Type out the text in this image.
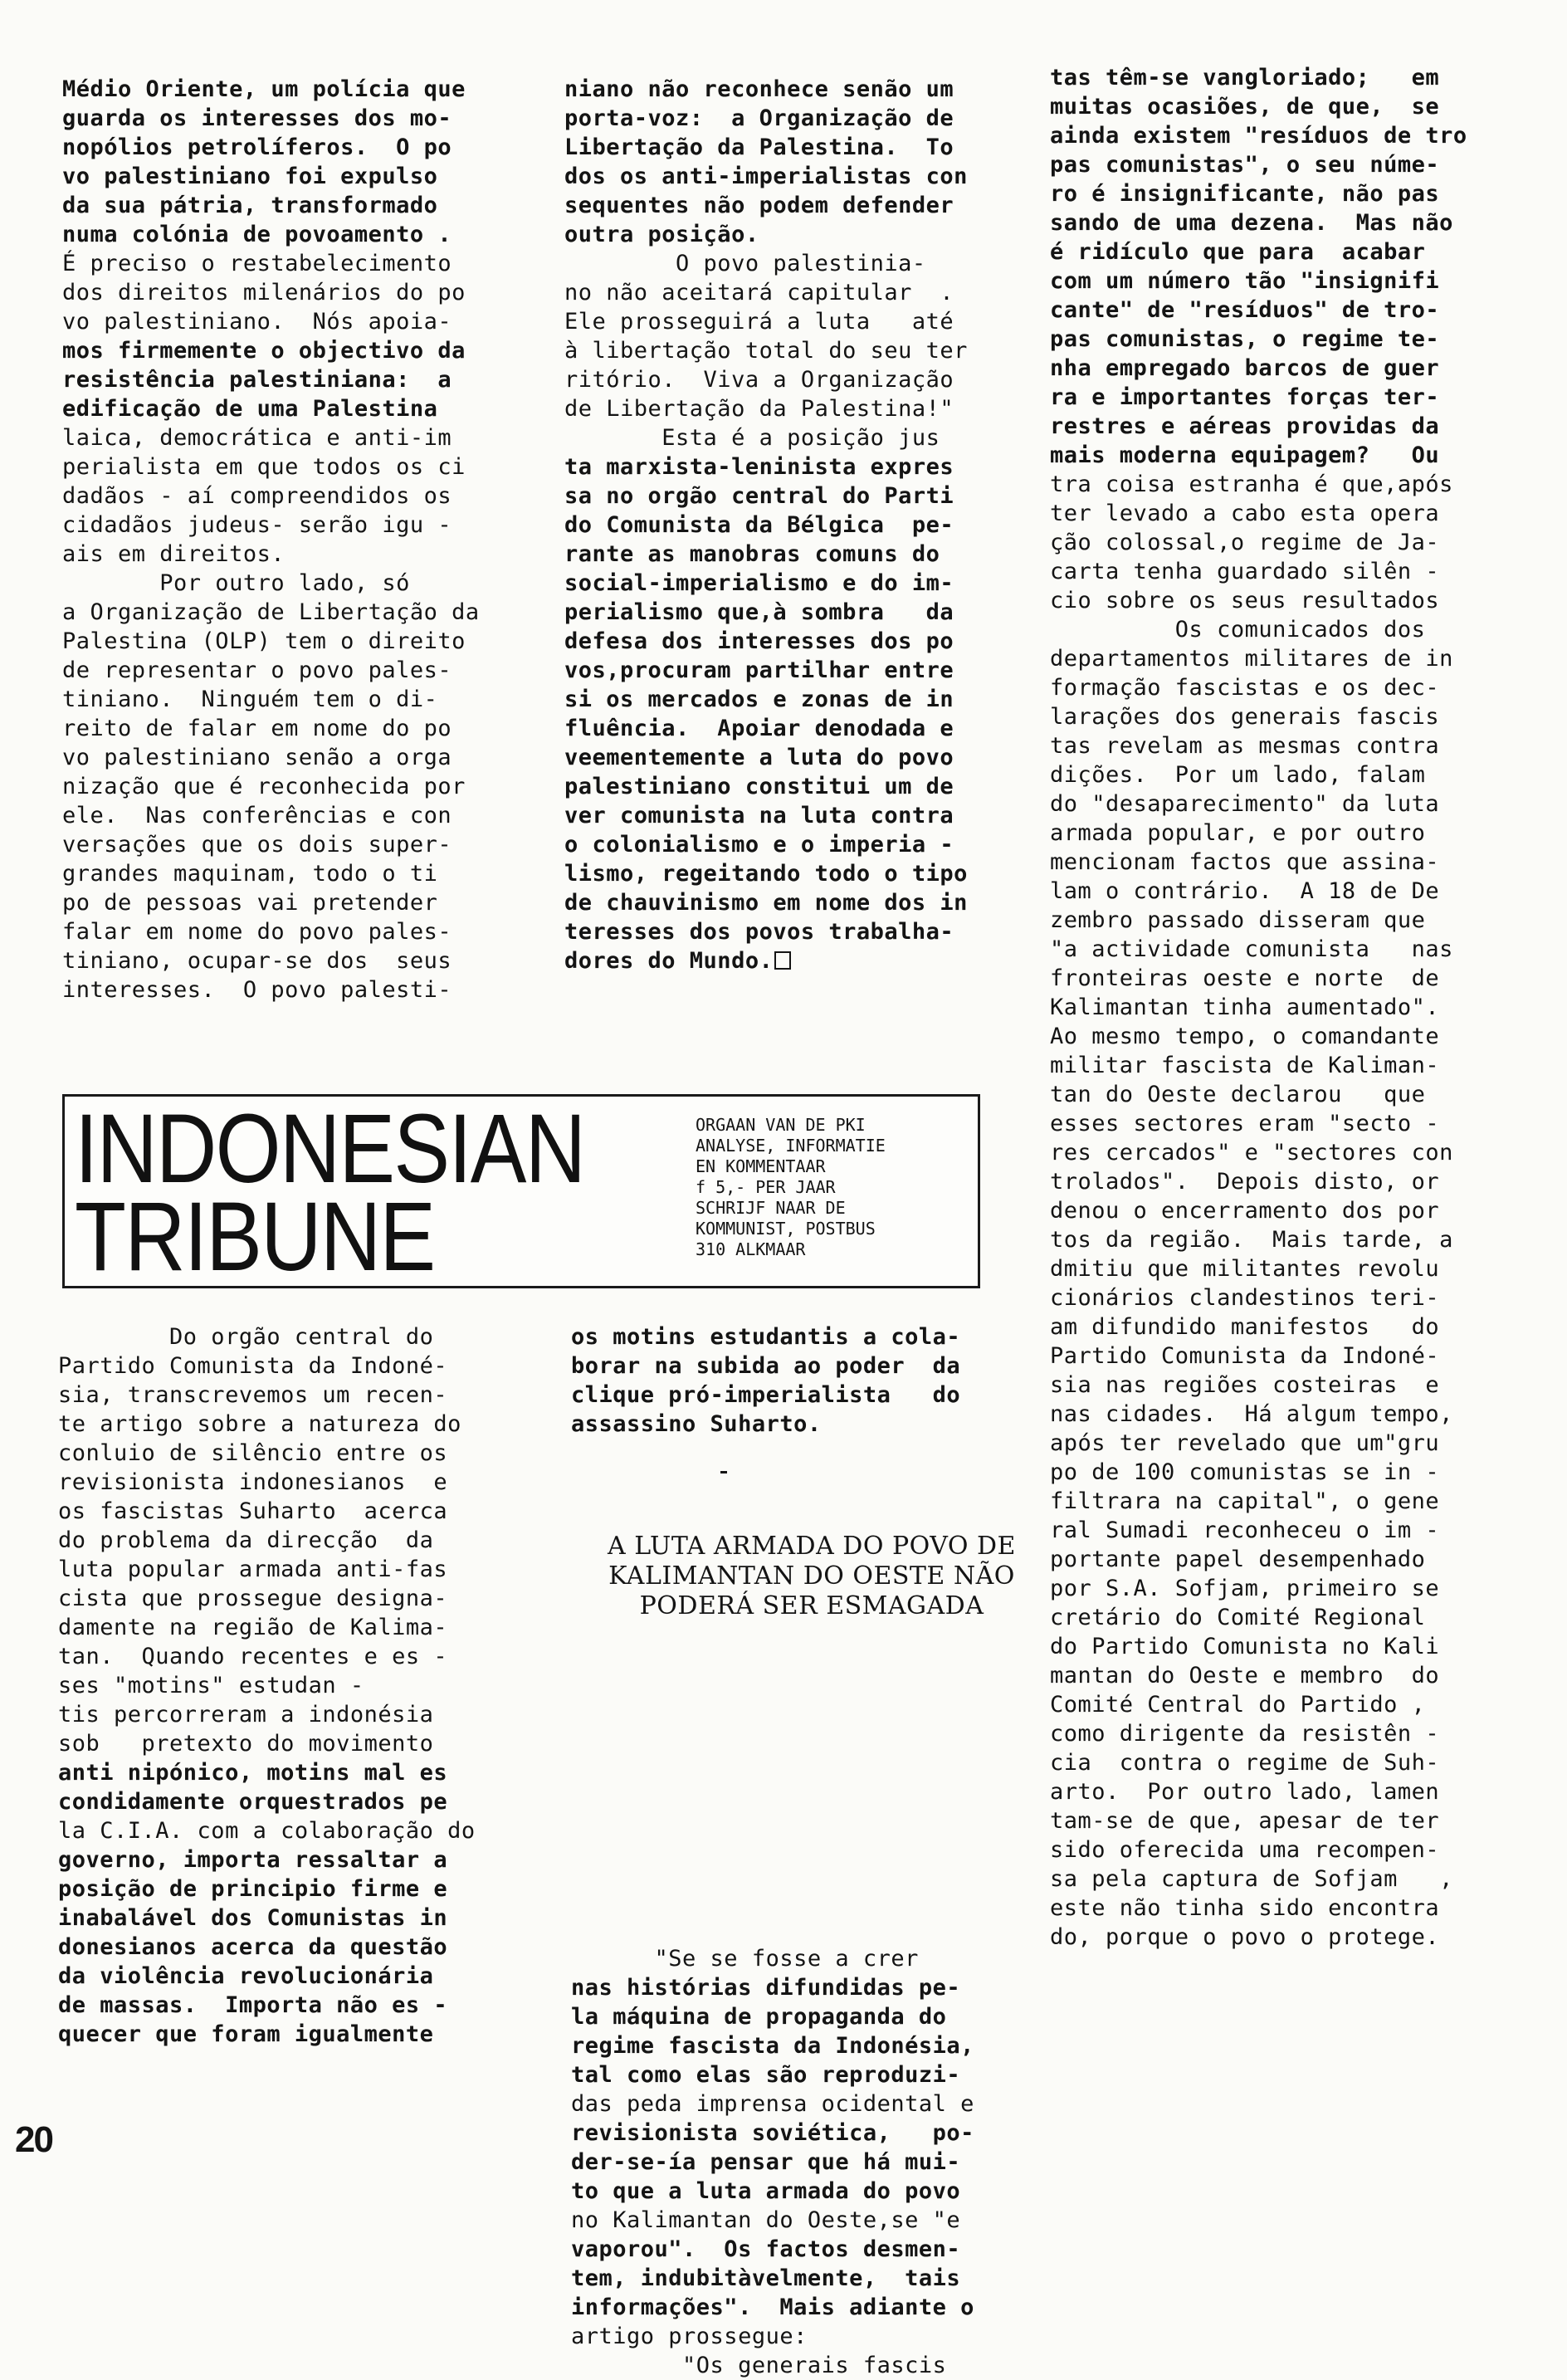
Médio Oriente, um polícia que
guarda os interesses dos mo-
nopólios petrolíferos.  O po
vo palestiniano foi expulso
da sua pátria, transformado
numa colónia de povoamento .
É preciso o restabelecimento
dos direitos milenários do po
vo palestiniano.  Nós apoia-
mos firmemente o objectivo da
resistência palestiniana:  a
edificação de uma Palestina
laica, democrática e anti-im
perialista em que todos os ci
dadãos - aí compreendidos os
cidadãos judeus- serão igu -
ais em direitos.
Por outro lado, só
a Organização de Libertação da
Palestina (OLP) tem o direito
de representar o povo pales-
tiniano.  Ninguém tem o di-
reito de falar em nome do po
vo palestiniano senão a orga
nização que é reconhecida por
ele.  Nas conferências e con
versações que os dois super-
grandes maquinam, todo o ti
po de pessoas vai pretender
falar em nome do povo pales-
tiniano, ocupar-se dos  seus
interesses.  O povo palesti-
niano não reconhece senão um
porta-voz:  a Organização de
Libertação da Palestina.  To
dos os anti-imperialistas con
sequentes não podem defender
outra posição.
O povo palestinia-
no não aceitará capitular  .
Ele prosseguirá a luta   até
à libertação total do seu ter
ritório.  Viva a Organização
de Libertação da Palestina!"
Esta é a posição jus
ta marxista-leninista expres
sa no orgão central do Parti
do Comunista da Bélgica  pe-
rante as manobras comuns do
social-imperialismo e do im-
perialismo que,à sombra   da
defesa dos interesses dos po
vos,procuram partilhar entre
si os mercados e zonas de in
fluência.  Apoiar denodada e
veementemente a luta do povo
palestiniano constitui um de
ver comunista na luta contra
o colonialismo e o imperia -
lismo, regeitando todo o tipo
de chauvinismo em nome dos in
teresses dos povos trabalha-
dores do Mundo.
tas têm-se vangloriado;   em
muitas ocasiões, de que,  se
ainda existem "resíduos de tro
pas comunistas", o seu núme-
ro é insignificante, não pas
sando de uma dezena.  Mas não
é ridículo que para  acabar
com um número tão "insignifi
cante" de "resíduos" de tro-
pas comunistas, o regime te-
nha empregado barcos de guer
ra e importantes forças ter-
restres e aéreas providas da
mais moderna equipagem?   Ou
tra coisa estranha é que,após
ter levado a cabo esta opera
ção colossal,o regime de Ja-
carta tenha guardado silên -
cio sobre os seus resultados
Os comunicados dos
departamentos militares de in
formação fascistas e os dec-
larações dos generais fascis
tas revelam as mesmas contra
dições.  Por um lado, falam
do "desaparecimento" da luta
armada popular, e por outro
mencionam factos que assina-
lam o contrário.  A 18 de De
zembro passado disseram que
"a actividade comunista   nas
fronteiras oeste e norte  de
Kalimantan tinha aumentado".
Ao mesmo tempo, o comandante
militar fascista de Kaliman-
tan do Oeste declarou   que
esses sectores eram "secto -
res cercados" e "sectores con
trolados".  Depois disto, or
denou o encerramento dos por
tos da região.  Mais tarde, a
dmitiu que militantes revolu
cionários clandestinos teri-
am difundido manifestos   do
Partido Comunista da Indoné-
sia nas regiões costeiras  e
nas cidades.  Há algum tempo,
após ter revelado que um"gru
po de 100 comunistas se in -
filtrara na capital", o gene
ral Sumadi reconheceu o im -
portante papel desempenhado
por S.A. Sofjam, primeiro se
cretário do Comité Regional
do Partido Comunista no Kali
mantan do Oeste e membro  do
Comité Central do Partido ,
como dirigente da resistên -
cia  contra o regime de Suh-
arto.  Por outro lado, lamen
tam-se de que, apesar de ter
sido oferecida uma recompen-
sa pela captura de Sofjam   ,
este não tinha sido encontra
do, porque o povo o protege.
INDONESIAN
TRIBUNE
ORGAAN VAN DE PKI
ANALYSE, INFORMATIE
EN KOMMENTAAR
f 5,- PER JAAR
SCHRIJF NAAR DE
KOMMUNIST, POSTBUS
310 ALKMAAR
Do orgão central do
Partido Comunista da Indoné-
sia, transcrevemos um recen-
te artigo sobre a natureza do
conluio de silêncio entre os
revisionista indonesianos  e
os fascistas Suharto  acerca
do problema da direcção  da
luta popular armada anti-fas
cista que prossegue designa-
damente na região de Kalima-
tan.  Quando recentes e es -
ses "motins" estudan -
tis percorreram a indonésia
sob   pretexto do movimento
anti nipónico, motins mal es
condidamente orquestrados pe
la C.I.A. com a colaboração do
governo, importa ressaltar a
posição de principio firme e
inabalável dos Comunistas in
donesianos acerca da questão
da violência revolucionária
de massas.  Importa não es -
quecer que foram igualmente
os motins estudantis a cola-
borar na subida ao poder  da
clique pró-imperialista   do
assassino Suharto.
A LUTA ARMADA DO POVO DE
KALIMANTAN DO OESTE NÃO
PODERÁ SER ESMAGADA
"Se se fosse a crer
nas histórias difundidas pe-
la máquina de propaganda do
regime fascista da Indonésia,
tal como elas são reproduzi-
das peda imprensa ocidental e
revisionista soviética,   po-
der-se-ía pensar que há mui-
to que a luta armada do povo
no Kalimantan do Oeste,se "e
vaporou".  Os factos desmen-
tem, indubitàvelmente,  tais
informações".  Mais adiante o
artigo prossegue:
"Os generais fascis
20
